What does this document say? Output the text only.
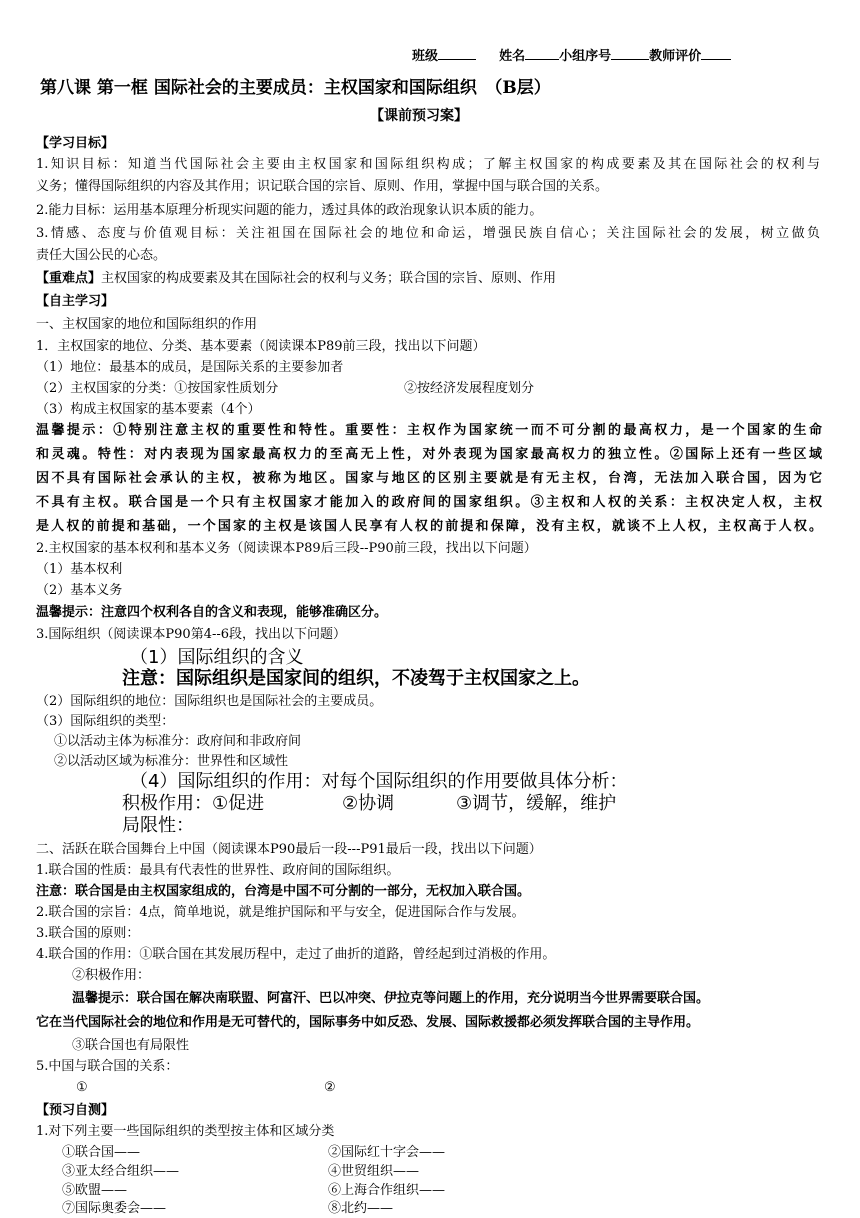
班级	姓名	小组序号	教师评价
第八课 第一框 国际社会的主要成员：主权国家和国际组织　（B层）
【课前预习案】
【学习目标】
1.知识目标：知道当代国际社会主要由主权国家和国际组织构成；了解主权国家的构成要素及其在国际社会的权利与
义务；懂得国际组织的内容及其作用；识记联合国的宗旨、原则、作用，掌握中国与联合国的关系。
2.能力目标：运用基本原理分析现实问题的能力，透过具体的政治现象认识本质的能力。
3.情感、态度与价值观目标：关注祖国在国际社会的地位和命运，增强民族自信心；关注国际社会的发展，树立做负
责任大国公民的心态。
【重难点】主权国家的构成要素及其在国际社会的权利与义务；联合国的宗旨、原则、作用
【自主学习】
一、主权国家的地位和国际组织的作用
1．主权国家的地位、分类、基本要素（阅读课本P89前三段，找出以下问题）
（1）地位：最基本的成员，是国际关系的主要参加者
（2）主权国家的分类：①按国家性质划分	②按经济发展程度划分
（3）构成主权国家的基本要素（4个）
温馨提示：①特别注意主权的重要性和特性。重要性：主权作为国家统一而不可分割的最高权力，是一个国家的生命
和灵魂。特性：对内表现为国家最高权力的至高无上性，对外表现为国家最高权力的独立性。②国际上还有一些区域
因不具有国际社会承认的主权，被称为地区。国家与地区的区别主要就是有无主权，台湾，无法加入联合国，因为它
不具有主权。联合国是一个只有主权国家才能加入的政府间的国家组织。③主权和人权的关系：主权决定人权，主权
是人权的前提和基础，一个国家的主权是该国人民享有人权的前提和保障，没有主权，就谈不上人权，主权高于人权。
2.主权国家的基本权利和基本义务（阅读课本P89后三段--P90前三段，找出以下问题）
（1）基本权利
（2）基本义务
温馨提示：注意四个权利各自的含义和表现，能够准确区分。
3.国际组织（阅读课本P90第4--6段，找出以下问题）
（1）国际组织的含义
注意：国际组织是国家间的组织，不凌驾于主权国家之上。
（2）国际组织的地位：国际组织也是国际社会的主要成员。
（3）国际组织的类型：
①以活动主体为标准分：政府间和非政府间
②以活动区域为标准分：世界性和区域性
（4）国际组织的作用：对每个国际组织的作用要做具体分析：
积极作用：①促进	②协调	③调节，缓解，维护
局限性：
二、活跃在联合国舞台上中国（阅读课本P90最后一段---P91最后一段，找出以下问题）
1.联合国的性质：最具有代表性的世界性、政府间的国际组织。
注意：联合国是由主权国家组成的，台湾是中国不可分割的一部分，无权加入联合国。
2.联合国的宗旨：4点，简单地说，就是维护国际和平与安全，促进国际合作与发展。
3.联合国的原则：
4.联合国的作用：①联合国在其发展历程中，走过了曲折的道路，曾经起到过消极的作用。
②积极作用：
温馨提示：联合国在解决南联盟、阿富汗、巴以冲突、伊拉克等问题上的作用，充分说明当今世界需要联合国。
它在当代国际社会的地位和作用是无可替代的，国际事务中如反恐、发展、国际救援都必须发挥联合国的主导作用。
③联合国也有局限性
5.中国与联合国的关系：
①	②
【预习自测】
1.对下列主要一些国际组织的类型按主体和区域分类
①联合国——	②国际红十字会——
③亚太经合组织——	④世贸组织——
⑤欧盟——	⑥上海合作组织——
⑦国际奥委会——	⑧北约——
